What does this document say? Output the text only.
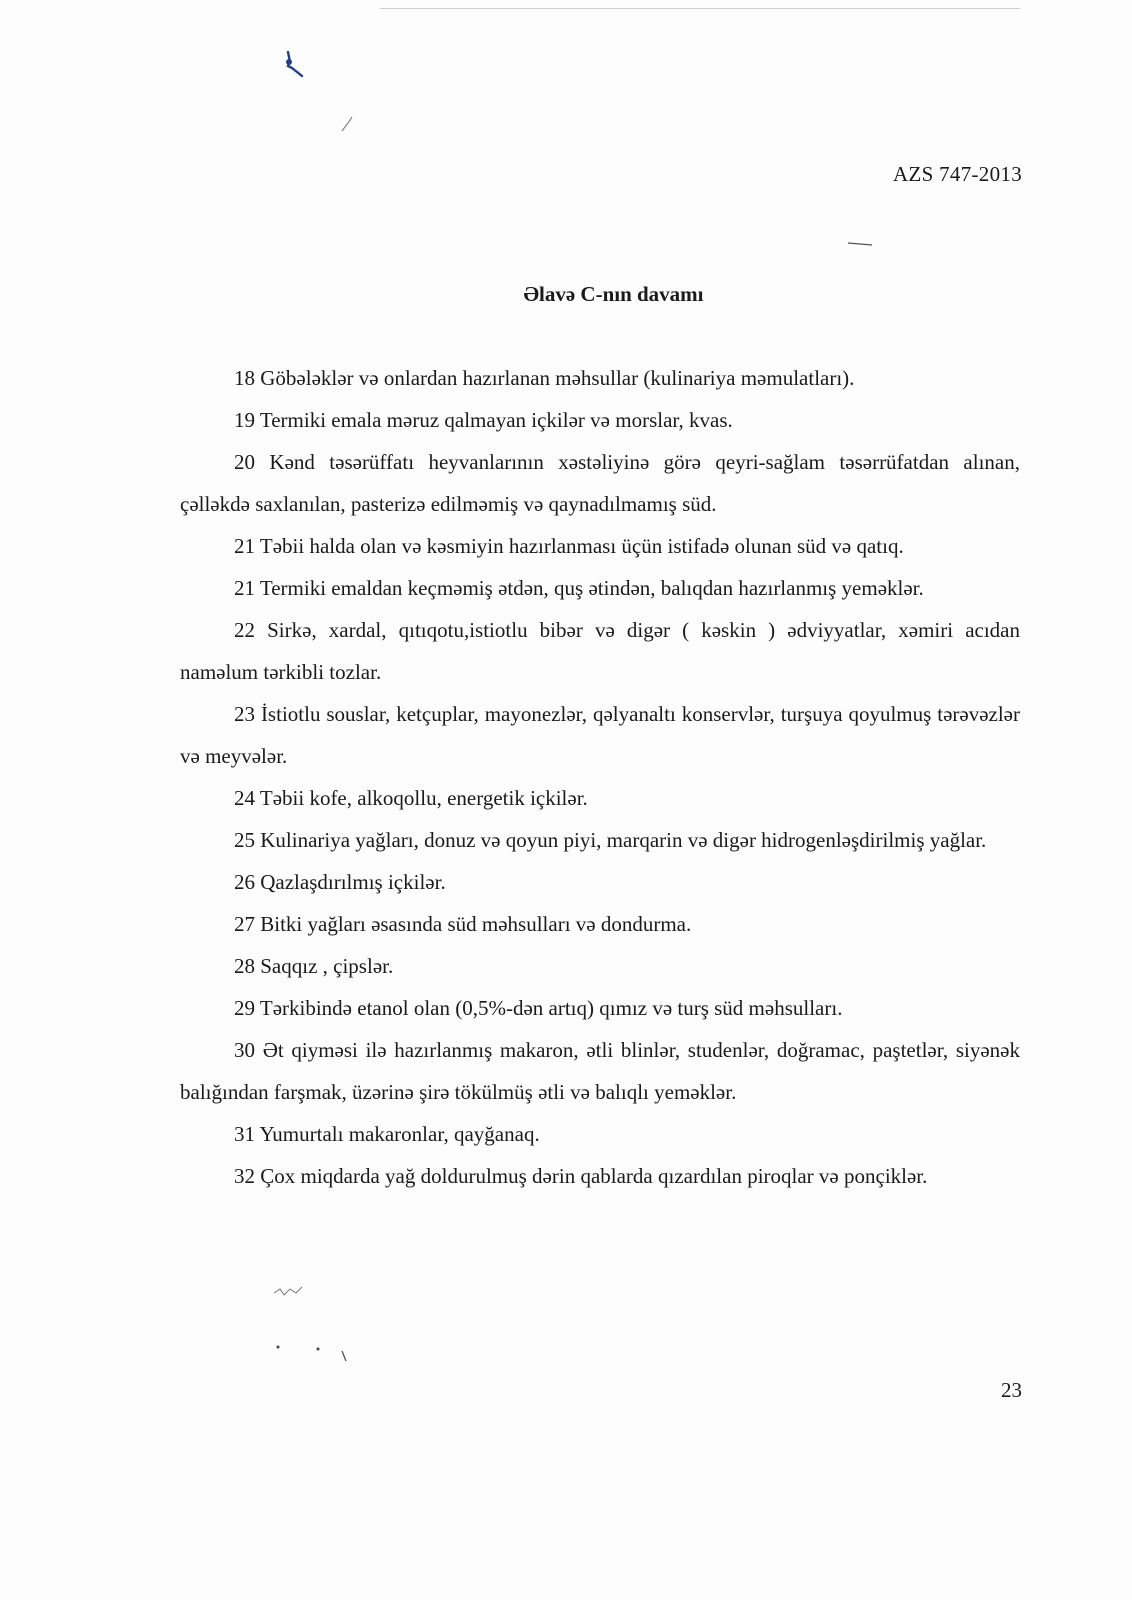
AZS 747-2013
Əlavə C-nın davamı

18 Göbələklər və onlardan hazırlanan məhsullar (kulinariya məmulatları).

19 Termiki emala məruz qalmayan içkilər və morslar, kvas.

20 Kənd təsərüffatı heyvanlarının xəstəliyinə görə qeyri-sağlam təsərrüfatdan alınan, çəlləkdə saxlanılan, pasterizə edilməmiş və qaynadılmamış süd.

21 Təbii halda olan və kəsmiyin hazırlanması üçün istifadə olunan süd və qatıq.

21 Termiki emaldan keçməmiş ətdən, quş ətindən, balıqdan hazırlanmış yeməklər.

22 Sirkə, xardal, qıtıqotu,istiotlu bibər və digər ( kəskin ) ədviyyatlar, xəmiri acıdan naməlum tərkibli tozlar.

23 İstiotlu souslar, ketçuplar, mayonezlər, qəlyanaltı konservlər, turşuya qoyulmuş tərəvəzlər və meyvələr.

24 Təbii kofe, alkoqollu, energetik içkilər.

25 Kulinariya yağları, donuz və qoyun piyi, marqarin və digər hidrogenləşdirilmiş yağlar.

26 Qazlaşdırılmış içkilər.

27 Bitki yağları əsasında süd məhsulları və dondurma.

28 Saqqız , çipslər.

29 Tərkibində etanol olan (0,5%-dən artıq) qımız və turş süd məhsulları.

30 Ət qiyməsi ilə hazırlanmış makaron, ətli blinlər, studenlər, doğramac, paştetlər, siyənək balığından farşmak, üzərinə şirə tökülmüş ətli və balıqlı yeməklər.

31 Yumurtalı makaronlar, qayğanaq.

32 Çox miqdarda yağ doldurulmuş dərin qablarda qızardılan piroqlar və ponçiklər.

23
